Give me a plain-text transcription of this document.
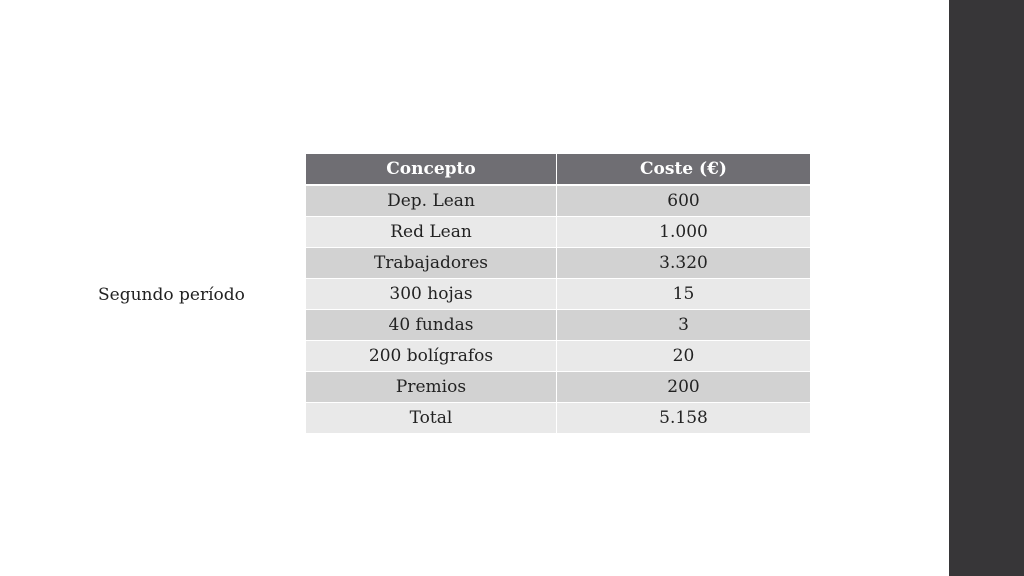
Segundo período
Concepto	Coste (€)
Dep. Lean	600
Red Lean	1.000
Trabajadores	3.320
300 hojas	15
40 fundas	3
200 bolígrafos	20
Premios	200
Total	5.158
